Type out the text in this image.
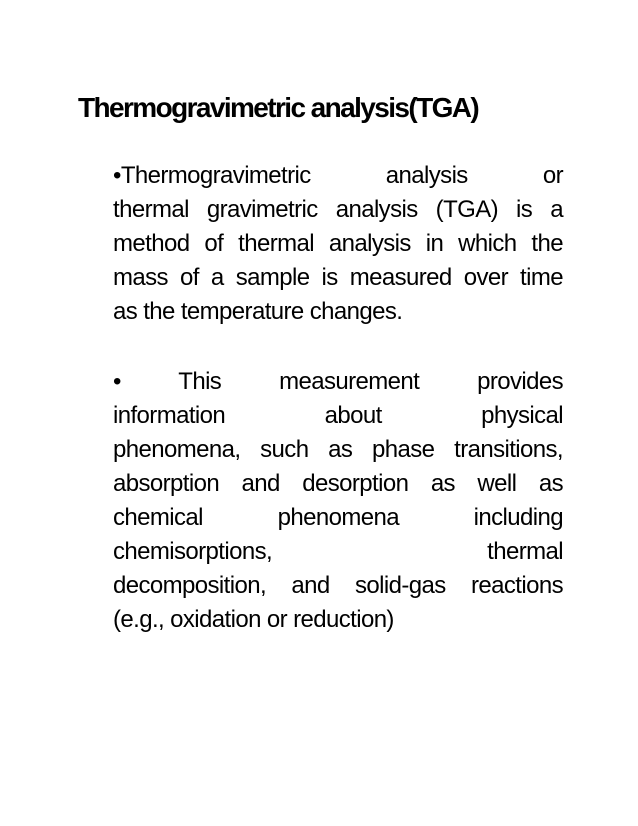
Thermogravimetric analysis(TGA)
•Thermogravimetric analysis or
thermal gravimetric analysis (TGA) is a
method of thermal analysis in which the
mass of a sample is measured over time
as the temperature changes.
• This measurement provides
information about physical
phenomena, such as phase transitions,
absorption and desorption as well as
chemical phenomena including
chemisorptions, thermal
decomposition, and solid-gas reactions
(e.g., oxidation or reduction)
